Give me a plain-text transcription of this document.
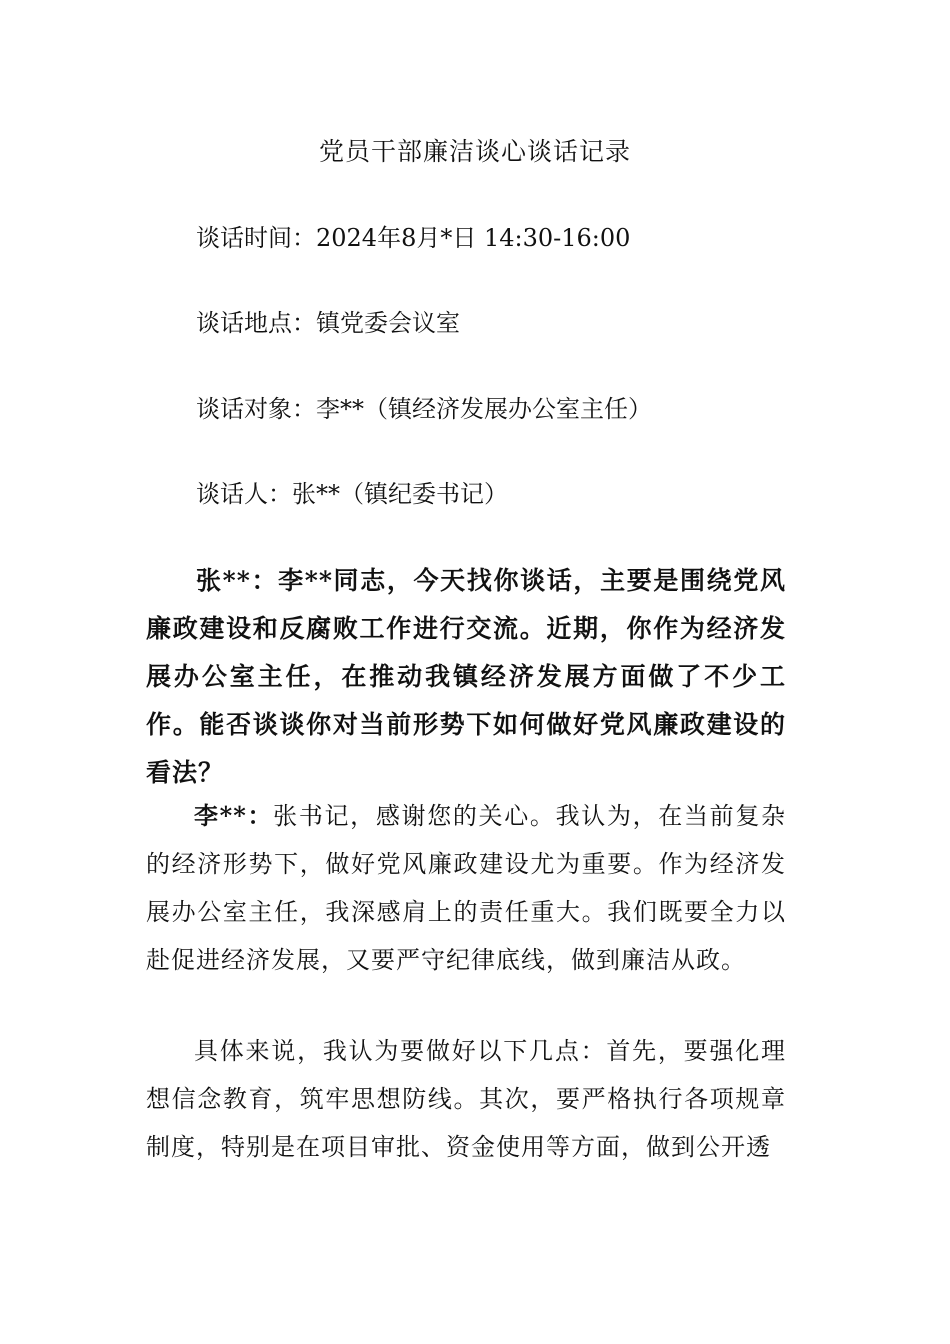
党员干部廉洁谈心谈话记录
谈话时间：2024年8月*日 14:30-16:00
谈话地点：镇党委会议室
谈话对象：李**（镇经济发展办公室主任）
谈话人：张**（镇纪委书记）

张**：李**同志，今天找你谈话，主要是围绕党风廉政建设和反腐败工作进行交流。近期，你作为经济发展办公室主任，在推动我镇经济发展方面做了不少工作。能否谈谈你对当前形势下如何做好党风廉政建设的看法？

李**：张书记，感谢您的关心。我认为，在当前复杂的经济形势下，做好党风廉政建设尤为重要。作为经济发展办公室主任，我深感肩上的责任重大。我们既要全力以赴促进经济发展，又要严守纪律底线，做到廉洁从政。

具体来说，我认为要做好以下几点：首先，要强化理想信念教育，筑牢思想防线。其次，要严格执行各项规章制度，特别是在项目审批、资金使用等方面，做到公开透
